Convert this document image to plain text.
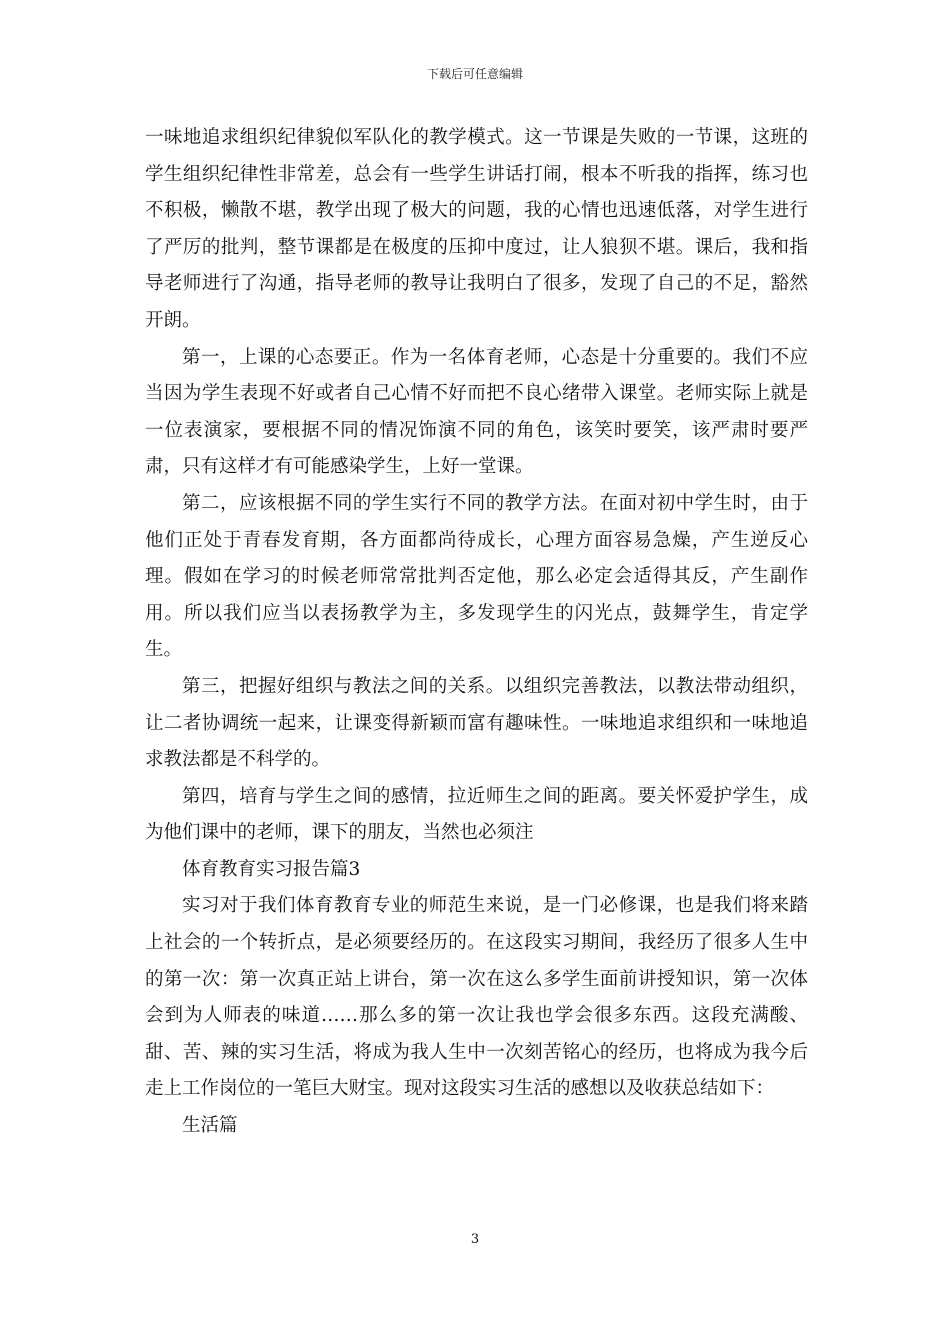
下载后可任意编辑

一味地追求组织纪律貌似军队化的教学模式。这一节课是失败的一节课，这班的学生组织纪律性非常差，总会有一些学生讲话打闹，根本不听我的指挥，练习也不积极，懒散不堪，教学出现了极大的问题，我的心情也迅速低落，对学生进行了严厉的批判，整节课都是在极度的压抑中度过，让人狼狈不堪。课后，我和指导老师进行了沟通，指导老师的教导让我明白了很多，发现了自己的不足，豁然开朗。

第一，上课的心态要正。作为一名体育老师，心态是十分重要的。我们不应当因为学生表现不好或者自己心情不好而把不良心绪带入课堂。老师实际上就是一位表演家，要根据不同的情况饰演不同的角色，该笑时要笑，该严肃时要严肃，只有这样才有可能感染学生，上好一堂课。

第二，应该根据不同的学生实行不同的教学方法。在面对初中学生时，由于他们正处于青春发育期，各方面都尚待成长，心理方面容易急燥，产生逆反心理。假如在学习的时候老师常常批判否定他，那么必定会适得其反，产生副作用。所以我们应当以表扬教学为主，多发现学生的闪光点，鼓舞学生，肯定学生。

第三，把握好组织与教法之间的关系。以组织完善教法，以教法带动组织，让二者协调统一起来，让课变得新颖而富有趣味性。一味地追求组织和一味地追求教法都是不科学的。

第四，培育与学生之间的感情，拉近师生之间的距离。要关怀爱护学生，成为他们课中的老师，课下的朋友，当然也必须注

体育教育实习报告篇3

实习对于我们体育教育专业的师范生来说，是一门必修课，也是我们将来踏上社会的一个转折点，是必须要经历的。在这段实习期间，我经历了很多人生中的第一次：第一次真正站上讲台，第一次在这么多学生面前讲授知识，第一次体会到为人师表的味道……那么多的第一次让我也学会很多东西。这段充满酸、甜、苦、辣的实习生活，将成为我人生中一次刻苦铭心的经历，也将成为我今后走上工作岗位的一笔巨大财宝。现对这段实习生活的感想以及收获总结如下：

生活篇

3
